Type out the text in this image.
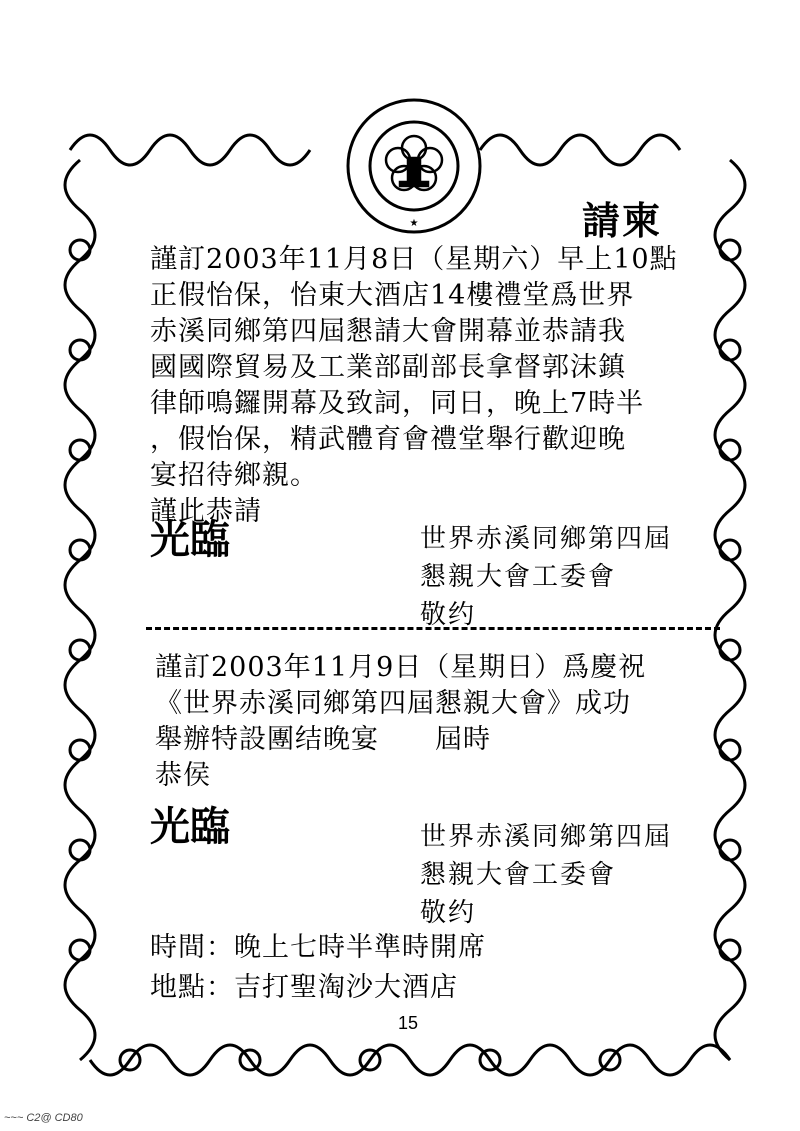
★	請柬
謹訂2003年11月8日（星期六）早上10點
正假怡保，怡東大酒店14樓禮堂爲世界
赤溪同鄉第四屆懇請大會開幕並恭請我
國國際貿易及工業部副部長拿督郭沫鎮
律師鳴鑼開幕及致詞，同日，晚上7時半
，假怡保，精武體育會禮堂舉行歡迎晚
宴招待鄉親。
謹此恭請
光臨	世界赤溪同鄉第四屆
懇親大會工委會
敬约
謹訂2003年11月9日（星期日）爲慶祝
《世界赤溪同鄉第四屆懇親大會》成功
舉辦特設團结晚宴　　屆時
恭侯
光臨	世界赤溪同鄉第四屆
懇親大會工委會
敬约
時間：晚上七時半準時開席
地點：吉打聖淘沙大酒店
15
~~~ C2@ CD80
